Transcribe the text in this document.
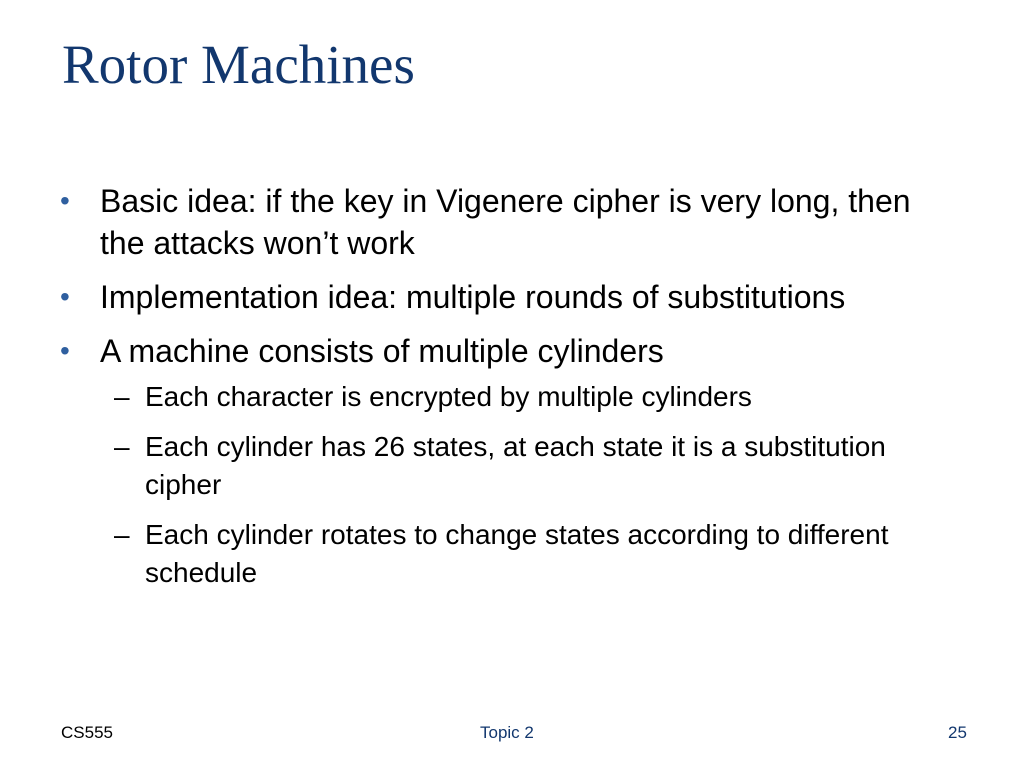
Rotor Machines
• Basic idea: if the key in Vigenere cipher is very long, then the attacks won’t work
• Implementation idea: multiple rounds of substitutions
• A machine consists of multiple cylinders
– Each character is encrypted by multiple cylinders
– Each cylinder has 26 states, at each state it is a substitution cipher
– Each cylinder rotates to change states according to different schedule
CS555	Topic 2	25
